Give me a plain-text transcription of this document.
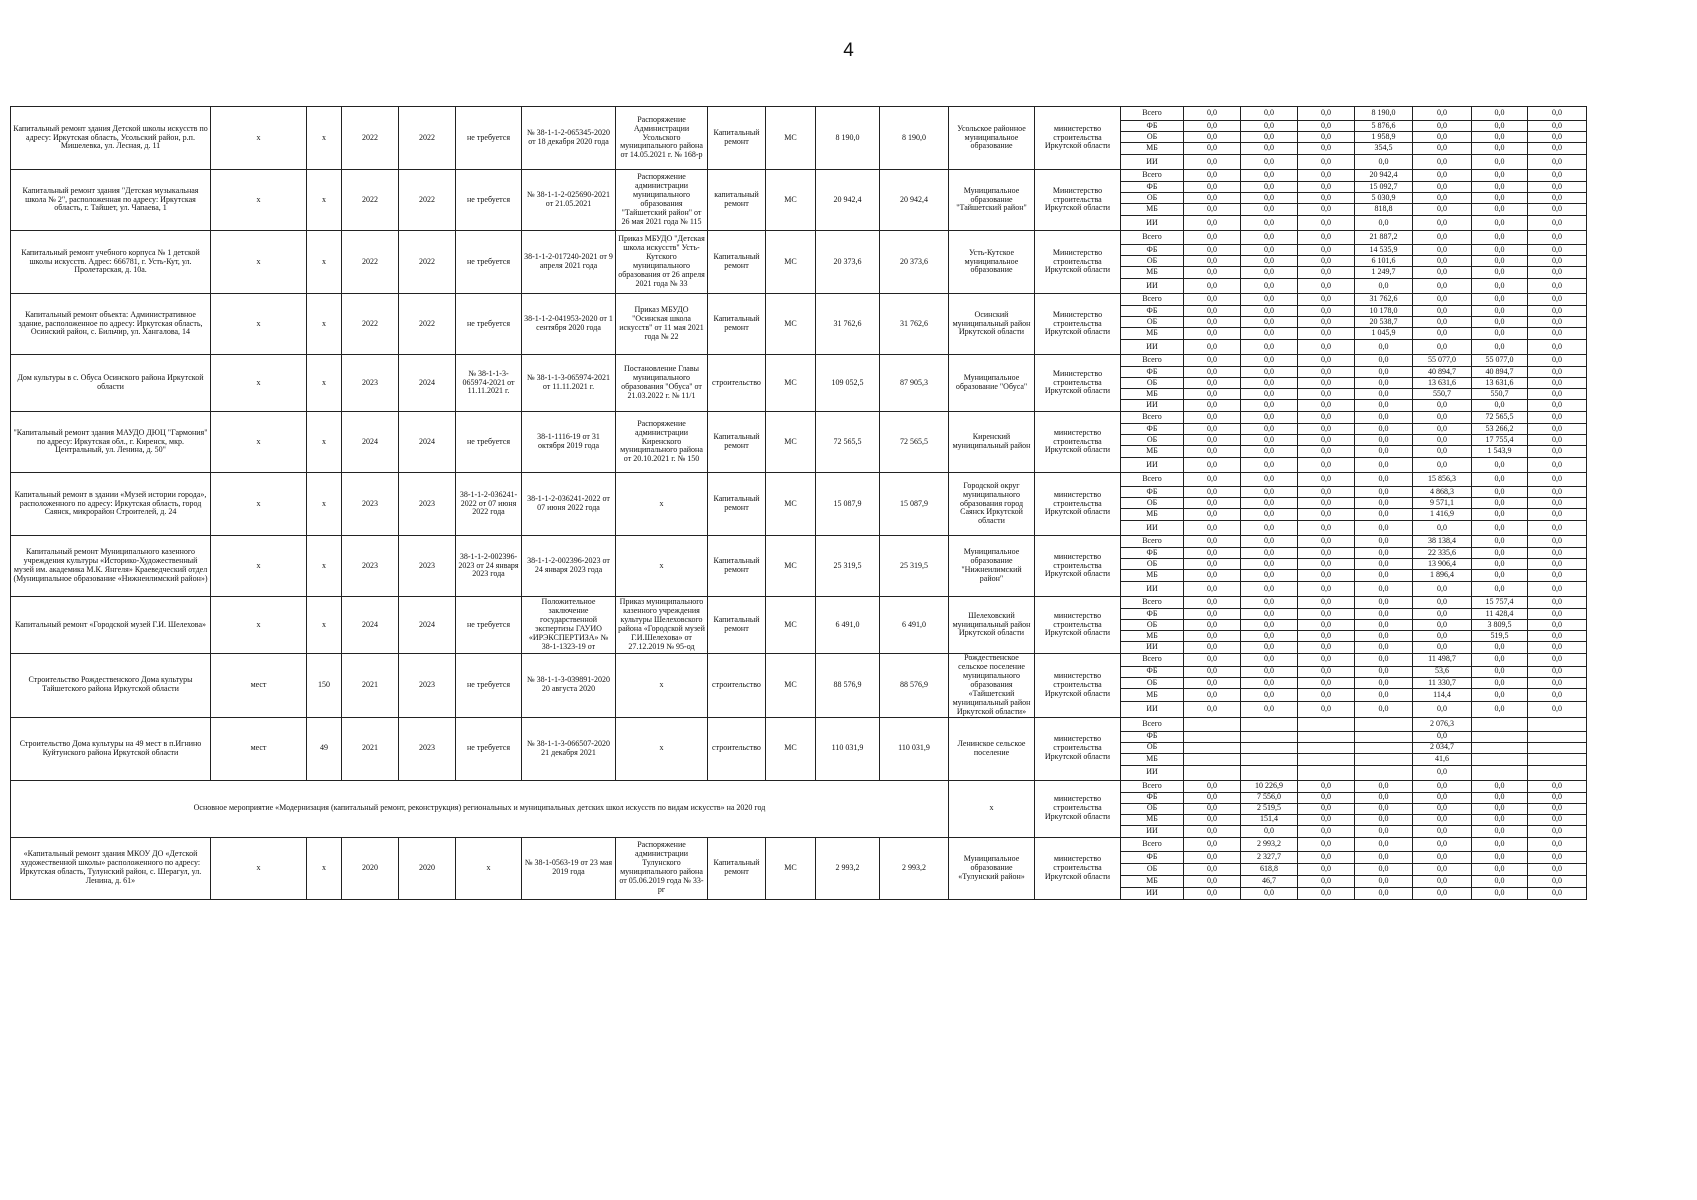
4
Капитальный ремонт здания Детской школы искусств по адресу: Иркутская область, Усольский район, р.п. Мишелевка, ул. Лесная, д. 11	х	х	2022	2022	не требуется	№ 38-1-1-2-065345-2020 от 18 декабря 2020 года	Распоряжение Администрации Усольского муниципального района от 14.05.2021 г. № 168-р	Капитальный ремонт	МС	8 190,0	8 190,0	Усольское районное муниципальное образование	министерство строительства Иркутской области	Всего	0,0	0,0	0,0	8 190,0	0,0	0,0	0,0
														ФБ	0,0	0,0	0,0	5 876,6	0,0	0,0	0,0
														ОБ	0,0	0,0	0,0	1 958,9	0,0	0,0	0,0
														МБ	0,0	0,0	0,0	354,5	0,0	0,0	0,0
														ИИ	0,0	0,0	0,0	0,0	0,0	0,0	0,0
Капитальный ремонт здания "Детская музыкальная школа № 2", расположенная по адресу: Иркутская область, г. Тайшет, ул. Чапаева, 1	х	х	2022	2022	не требуется	№ 38-1-1-2-025690-2021 от 21.05.2021	Распоряжение администрации муниципального образования "Тайшетский район" от 26 мая 2021 года № 115	капитальный ремонт	МС	20 942,4	20 942,4	Муниципальное образование "Тайшетский район"	Министерство строительства Иркутской области	Всего	0,0	0,0	0,0	20 942,4	0,0	0,0	0,0
														ФБ	0,0	0,0	0,0	15 092,7	0,0	0,0	0,0
														ОБ	0,0	0,0	0,0	5 030,9	0,0	0,0	0,0
														МБ	0,0	0,0	0,0	818,8	0,0	0,0	0,0
														ИИ	0,0	0,0	0,0	0,0	0,0	0,0	0,0
Капитальный ремонт учебного корпуса № 1 детской школы искусств. Адрес: 666781, г. Усть-Кут, ул. Пролетарская, д. 10а.	х	х	2022	2022	не требуется	38-1-1-2-017240-2021 от 9 апреля 2021 года	Приказ МБУДО "Детская школа искусств" Усть-Кутского муниципального образования от 26 апреля 2021 года № 33	Капитальный ремонт	МС	20 373,6	20 373,6	Усть-Кутское муниципальное образование	Министерство строительства Иркутской области	Всего	0,0	0,0	0,0	21 887,2	0,0	0,0	0,0
														ФБ	0,0	0,0	0,0	14 535,9	0,0	0,0	0,0
														ОБ	0,0	0,0	0,0	6 101,6	0,0	0,0	0,0
														МБ	0,0	0,0	0,0	1 249,7	0,0	0,0	0,0
														ИИ	0,0	0,0	0,0	0,0	0,0	0,0	0,0
Капитальный ремонт объекта: Административное здание, расположенное по адресу: Иркутская область, Осинский район, с. Бильчир, ул. Хангалова, 14	х	х	2022	2022	не требуется	38-1-1-2-041953-2020 от 1 сентября 2020 года	Приказ МБУДО "Осинская школа искусств" от 11 мая 2021 года № 22	Капитальный ремонт	МС	31 762,6	31 762,6	Осинский муниципальный район Иркутской области	Министерство строительства Иркутской области	Всего	0,0	0,0	0,0	31 762,6	0,0	0,0	0,0
														ФБ	0,0	0,0	0,0	10 178,0	0,0	0,0	0,0
														ОБ	0,0	0,0	0,0	20 538,7	0,0	0,0	0,0
														МБ	0,0	0,0	0,0	1 045,9	0,0	0,0	0,0
														ИИ	0,0	0,0	0,0	0,0	0,0	0,0	0,0
Дом культуры в с. Обуса Осинского района Иркутской области	х	х	2023	2024	№ 38-1-1-3-065974-2021 от 11.11.2021 г.	№ 38-1-1-3-065974-2021 от 11.11.2021 г.	Постановление Главы муниципального образования "Обуса" от 21.03.2022 г. № 11/1	строительство	МС	109 052,5	87 905,3	Муниципальное образование "Обуса"	Министерство строительства Иркутской области	Всего	0,0	0,0	0,0	0,0	55 077,0	55 077,0	0,0
														ФБ	0,0	0,0	0,0	0,0	40 894,7	40 894,7	0,0
														ОБ	0,0	0,0	0,0	0,0	13 631,6	13 631,6	0,0
														МБ	0,0	0,0	0,0	0,0	550,7	550,7	0,0
														ИИ	0,0	0,0	0,0	0,0	0,0	0,0	0,0
"Капитальный ремонт здания МАУДО ДЮЦ "Гармония" по адресу: Иркутская обл., г. Киренск, мкр. Центральный, ул. Ленина, д. 50"	х	х	2024	2024	не требуется	38-1-1116-19 от 31 октября 2019 года	Распоряжение администрации Киренского муниципального района от 20.10.2021 г. № 150	Капитальный ремонт	МС	72 565,5	72 565,5	Киренский муниципальный район	министерство строительства Иркутской области	Всего	0,0	0,0	0,0	0,0	0,0	72 565,5	0,0
														ФБ	0,0	0,0	0,0	0,0	0,0	53 266,2	0,0
														ОБ	0,0	0,0	0,0	0,0	0,0	17 755,4	0,0
														МБ	0,0	0,0	0,0	0,0	0,0	1 543,9	0,0
														ИИ	0,0	0,0	0,0	0,0	0,0	0,0	0,0
Капитальный ремонт в здании «Музей истории города», расположенного по адресу: Иркутская область, город Саянск, микрорайон Строителей, д. 24	х	х	2023	2023	38-1-1-2-036241-2022 от 07 июня 2022 года	38-1-1-2-036241-2022 от 07 июня 2022 года	х	Капитальный ремонт	МС	15 087,9	15 087,9	Городской округ муниципального образования город Саянск Иркутской области	министерство строительства Иркутской области	Всего	0,0	0,0	0,0	0,0	15 856,3	0,0	0,0
														ФБ	0,0	0,0	0,0	0,0	4 868,3	0,0	0,0
														ОБ	0,0	0,0	0,0	0,0	9 571,1	0,0	0,0
														МБ	0,0	0,0	0,0	0,0	1 416,9	0,0	0,0
														ИИ	0,0	0,0	0,0	0,0	0,0	0,0	0,0
Капитальный ремонт Муниципального казенного учреждения культуры «Историко-Художественный музей им. академика М.К. Янгеля» Краеведческий отдел (Муниципальное образование «Нижнеилимский район»)	х	х	2023	2023	38-1-1-2-002396-2023 от 24 января 2023 года	38-1-1-2-002396-2023 от 24 января 2023 года	х	Капитальный ремонт	МС	25 319,5	25 319,5	Муниципальное образование "Нижнеилимский район"	министерство строительства Иркутской области	Всего	0,0	0,0	0,0	0,0	38 138,4	0,0	0,0
														ФБ	0,0	0,0	0,0	0,0	22 335,6	0,0	0,0
														ОБ	0,0	0,0	0,0	0,0	13 906,4	0,0	0,0
														МБ	0,0	0,0	0,0	0,0	1 896,4	0,0	0,0
														ИИ	0,0	0,0	0,0	0,0	0,0	0,0	0,0
Капитальный ремонт «Городской музей Г.И. Шелехова»	х	х	2024	2024	не требуется	Положительное заключение государственной экспертизы ГАУИО «ИРЭКСПЕРТИЗА» № 38-1-1323-19 от	Приказ муниципального казенного учреждения культуры Шелеховского района «Городской музей Г.И.Шелехова» от 27.12.2019 № 95-од	Капитальный ремонт	МС	6 491,0	6 491,0	Шелеховский муниципальный район Иркутской области	министерство строительства Иркутской области	Всего	0,0	0,0	0,0	0,0	0,0	15 757,4	0,0
														ФБ	0,0	0,0	0,0	0,0	0,0	11 428,4	0,0
														ОБ	0,0	0,0	0,0	0,0	0,0	3 809,5	0,0
														МБ	0,0	0,0	0,0	0,0	0,0	519,5	0,0
														ИИ	0,0	0,0	0,0	0,0	0,0	0,0	0,0
Строительство Рождественского Дома культуры Тайшетского района Иркутской области	мест	150	2021	2023	не требуется	№ 38-1-1-3-039891-2020 20 августа 2020	х	строительство	МС	88 576,9	88 576,9	Рождественское сельское поселение муниципального образования «Тайшетский муниципальный район Иркутской области»	министерство строительства Иркутской области	Всего	0,0	0,0	0,0	0,0	11 498,7	0,0	0,0
														ФБ	0,0	0,0	0,0	0,0	53,6	0,0	0,0
														ОБ	0,0	0,0	0,0	0,0	11 330,7	0,0	0,0
														МБ	0,0	0,0	0,0	0,0	114,4	0,0	0,0
														ИИ	0,0	0,0	0,0	0,0	0,0	0,0	0,0
Строительство Дома культуры на 49 мест в п.Игнино Куйтунского района Иркутской области	мест	49	2021	2023	не требуется	№ 38-1-1-3-066507-2020 21 декабря 2021	х	строительство	МС	110 031,9	110 031,9	Ленинское сельское поселение	министерство строительства Иркутской области	Всего					2 076,3		
														ФБ					0,0		
														ОБ					2 034,7		
														МБ					41,6		
														ИИ					0,0		
Основное мероприятие «Модернизация (капитальный ремонт, реконструкция) региональных и муниципальных детских школ искусств по видам искусств» на 2020 год												х	министерство строительства Иркутской области	Всего	0,0	10 226,9	0,0	0,0	0,0	0,0	0,0
														ФБ	0,0	7 556,0	0,0	0,0	0,0	0,0	0,0
														ОБ	0,0	2 519,5	0,0	0,0	0,0	0,0	0,0
														МБ	0,0	151,4	0,0	0,0	0,0	0,0	0,0
														ИИ	0,0	0,0	0,0	0,0	0,0	0,0	0,0
«Капитальный ремонт здания МКОУ ДО «Детской художественной школы» расположенного по адресу: Иркутская область, Тулунский район, с. Шерагул, ул. Ленина, д. 61»	х	х	2020	2020	х	№ 38-1-0563-19 от 23 мая 2019 года	Распоряжение администрации Тулунского муниципального района от 05.06.2019 года № 33-рг	Капитальный ремонт	МС	2 993,2	2 993,2	Муниципальное образование «Тулунский район»	министерство строительства Иркутской области	Всего	0,0	2 993,2	0,0	0,0	0,0	0,0	0,0
														ФБ	0,0	2 327,7	0,0	0,0	0,0	0,0	0,0
														ОБ	0,0	618,8	0,0	0,0	0,0	0,0	0,0
														МБ	0,0	46,7	0,0	0,0	0,0	0,0	0,0
														ИИ	0,0	0,0	0,0	0,0	0,0	0,0	0,0
